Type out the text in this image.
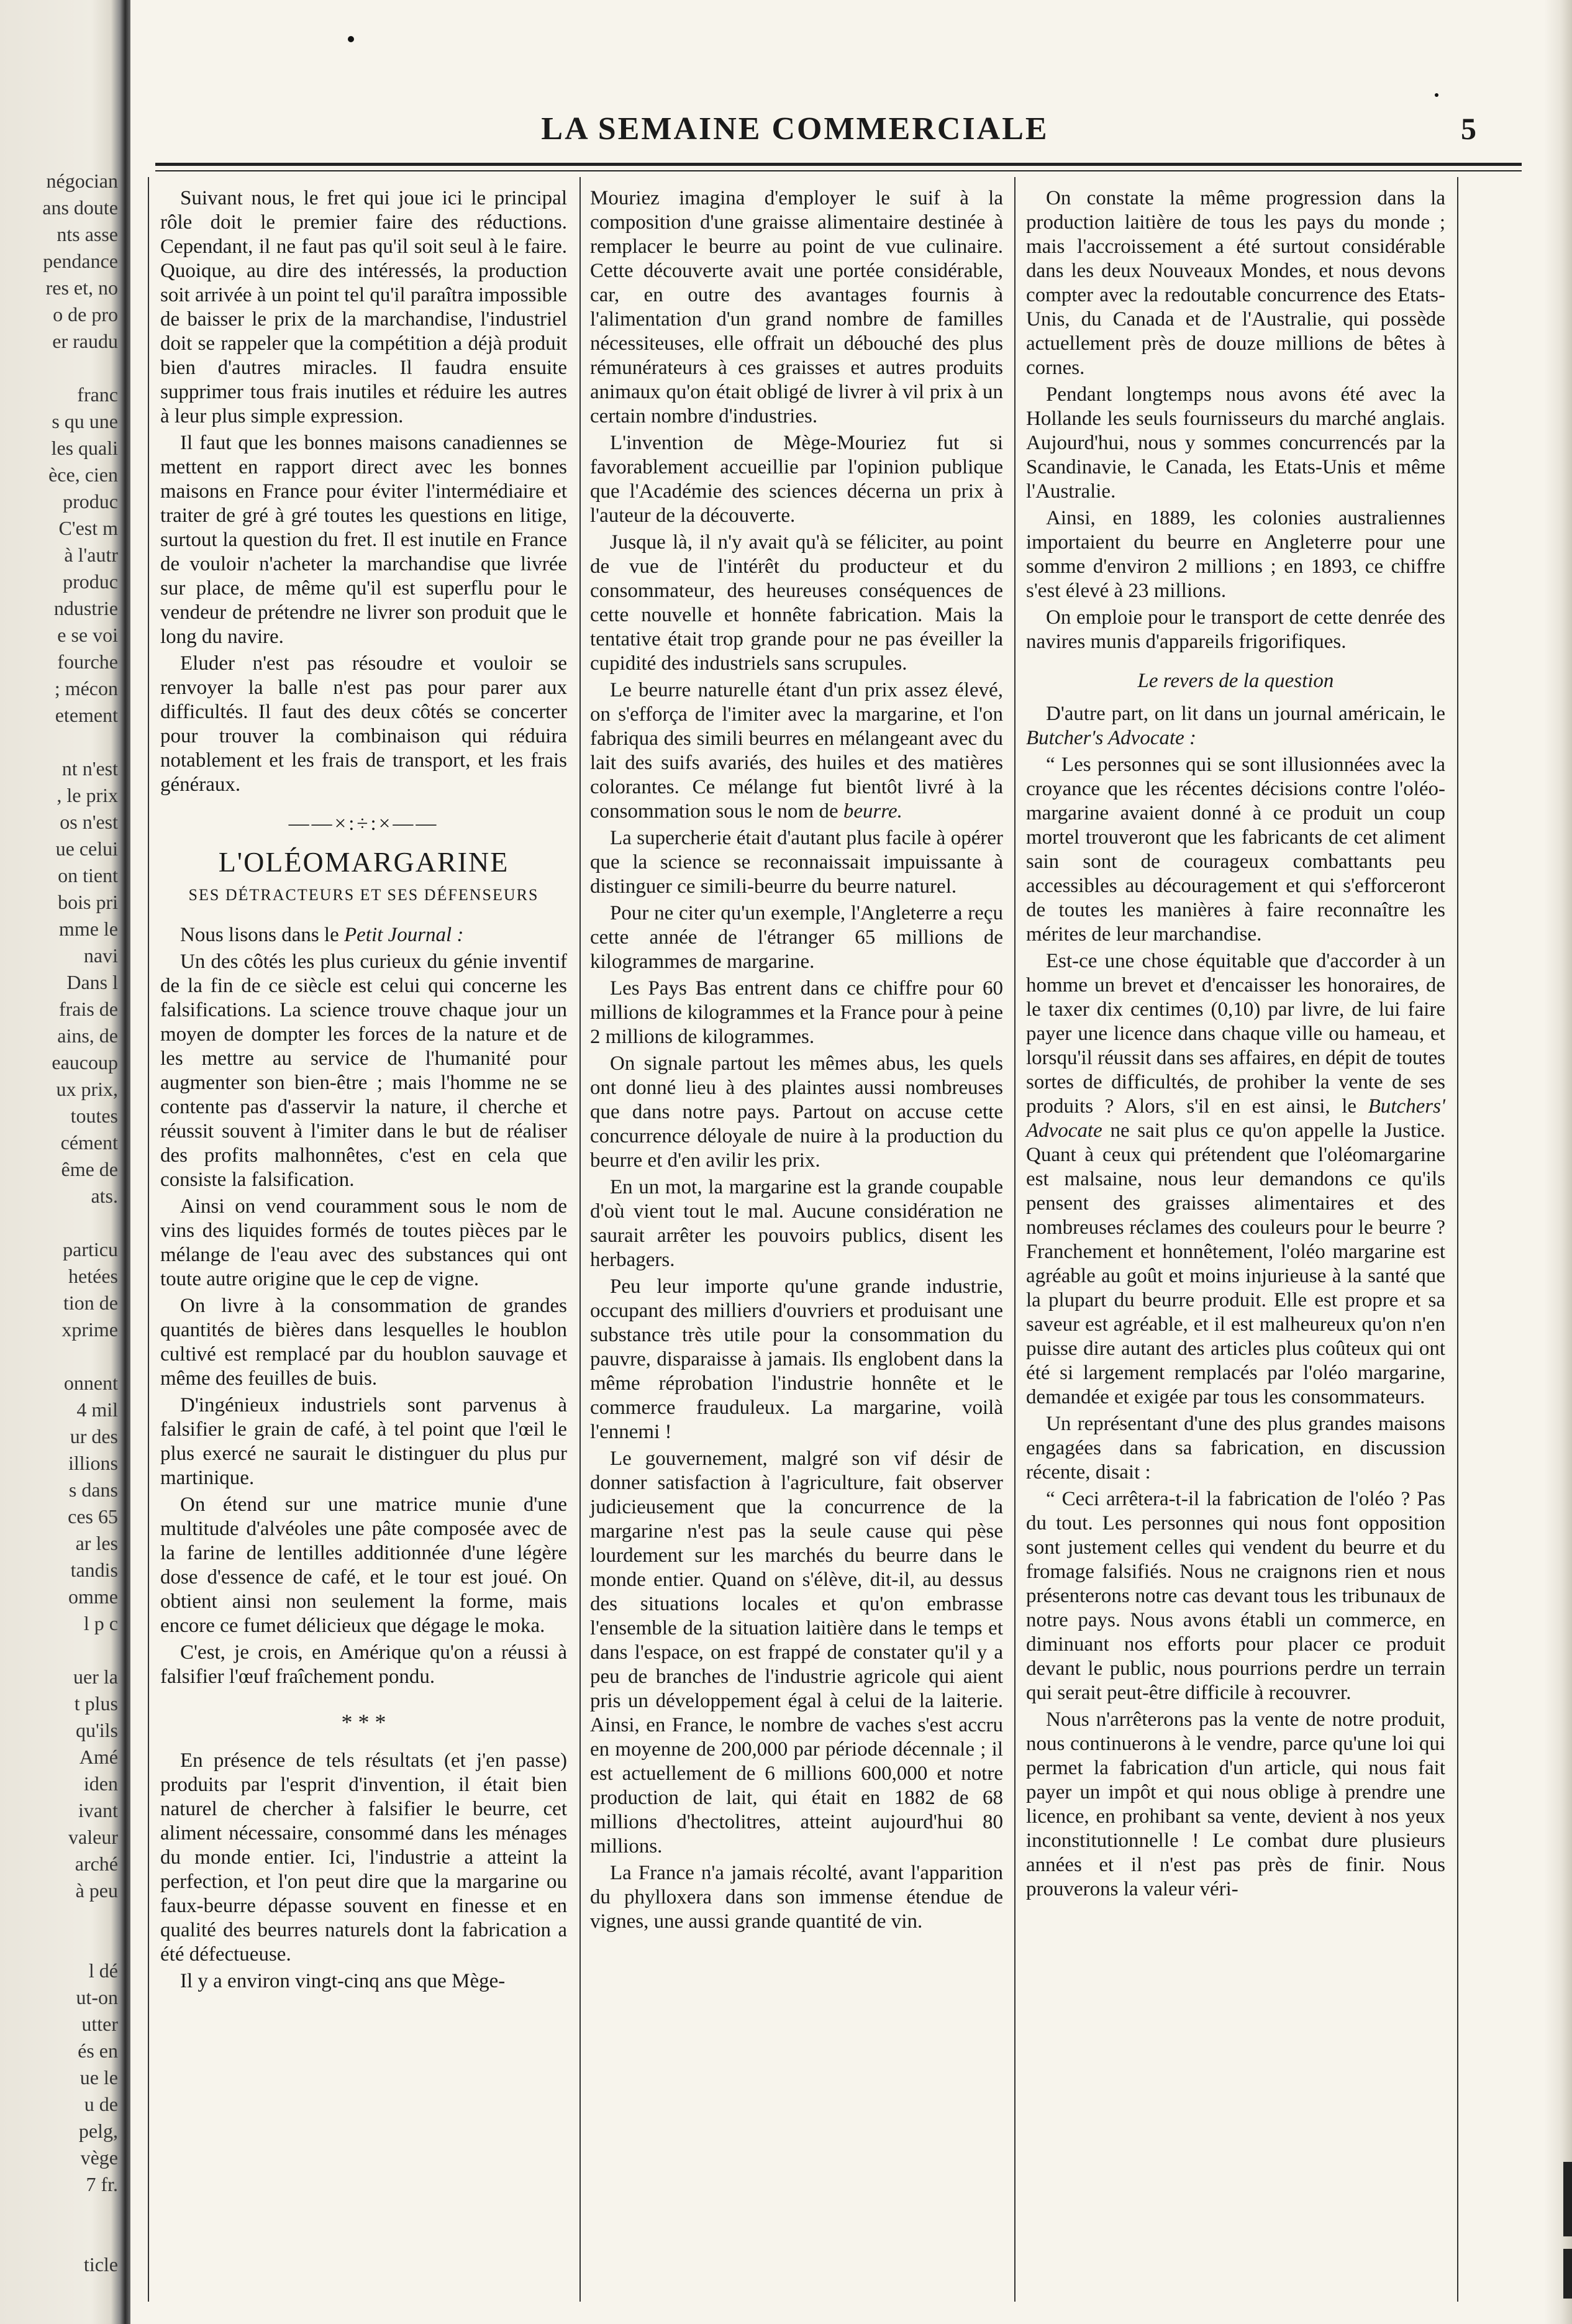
négocian
ans doute
nts asse
pendance
res et, no
o de pro
er raudu
franc
s qu une
les quali
èce, cien
produc
C'est m
à l'autr
produc
ndustrie
e se voi
fourche
; mécon
etement
nt n'est
, le prix
os n'est
ue celui
on tient
bois pri
mme le
navi
Dans l
frais de
ains, de
eaucoup
ux prix,
toutes
cément
ême de
ats.
particu
hetées
tion de
xprime
onnent
4 mil
ur des
illions
s dans
ces 65
ar les
tandis
omme
l p c
uer la
t plus
qu'ils
Amé
iden
ivant
valeur
arché
à peu
l dé
ut-on
utter
és en
ue le
u de
pelg,
vège
7 fr.
ticle
LA SEMAINE COMMERCIALE	5

Suivant nous, le fret qui joue ici le principal rôle doit le premier faire des réductions. Cependant, il ne faut pas qu'il soit seul à le faire. Quoique, au dire des intéressés, la production soit arrivée à un point tel qu'il paraîtra impossible de baisser le prix de la marchandise, l'industriel doit se rappeler que la compétition a déjà produit bien d'autres miracles. Il faudra ensuite supprimer tous frais inutiles et réduire les autres à leur plus simple expression.

Il faut que les bonnes maisons canadiennes se mettent en rapport direct avec les bonnes maisons en France pour éviter l'intermédiaire et traiter de gré à gré toutes les questions en litige, surtout la question du fret. Il est inutile en France de vouloir n'acheter la marchandise que livrée sur place, de même qu'il est superflu pour le vendeur de prétendre ne livrer son produit que le long du navire.

Eluder n'est pas résoudre et vouloir se renvoyer la balle n'est pas pour parer aux difficultés. Il faut des deux côtés se concerter pour trouver la combinaison qui réduira notablement et les frais de transport, et les frais généraux.

——×:÷:×——
L'OLÉOMARGARINE
SES DÉTRACTEURS ET SES DÉFENSEURS

Nous lisons dans le Petit Journal :

Un des côtés les plus curieux du génie inventif de la fin de ce siècle est celui qui concerne les falsifications. La science trouve chaque jour un moyen de dompter les forces de la nature et de les mettre au service de l'humanité pour augmenter son bien-être ; mais l'homme ne se contente pas d'asservir la nature, il cherche et réussit souvent à l'imiter dans le but de réaliser des profits malhonnêtes, c'est en cela que consiste la falsification.

Ainsi on vend couramment sous le nom de vins des liquides formés de toutes pièces par le mélange de l'eau avec des substances qui ont toute autre origine que le cep de vigne.

On livre à la consommation de grandes quantités de bières dans lesquelles le houblon cultivé est remplacé par du houblon sauvage et même des feuilles de buis.

D'ingénieux industriels sont parvenus à falsifier le grain de café, à tel point que l'œil le plus exercé ne saurait le distinguer du plus pur martinique.

On étend sur une matrice munie d'une multitude d'alvéoles une pâte composée avec de la farine de lentilles additionnée d'une légère dose d'essence de café, et le tour est joué. On obtient ainsi non seulement la forme, mais encore ce fumet délicieux que dégage le moka.

C'est, je crois, en Amérique qu'on a réussi à falsifier l'œuf fraîchement pondu.

* * *

En présence de tels résultats (et j'en passe) produits par l'esprit d'invention, il était bien naturel de chercher à falsifier le beurre, cet aliment nécessaire, consommé dans les ménages du monde entier. Ici, l'industrie a atteint la perfection, et l'on peut dire que la margarine ou faux-beurre dépasse souvent en finesse et en qualité des beurres naturels dont la fabrication a été défectueuse.

Il y a environ vingt-cinq ans que Mège-

Mouriez imagina d'employer le suif à la composition d'une graisse alimentaire destinée à remplacer le beurre au point de vue culinaire. Cette découverte avait une portée considérable, car, en outre des avantages fournis à l'alimentation d'un grand nombre de familles nécessiteuses, elle offrait un débouché des plus rémunérateurs à ces graisses et autres produits animaux qu'on était obligé de livrer à vil prix à un certain nombre d'industries.

L'invention de Mège-Mouriez fut si favorablement accueillie par l'opinion publique que l'Académie des sciences décerna un prix à l'auteur de la découverte.

Jusque là, il n'y avait qu'à se féliciter, au point de vue de l'intérêt du producteur et du consommateur, des heureuses conséquences de cette nouvelle et honnête fabrication. Mais la tentative était trop grande pour ne pas éveiller la cupidité des industriels sans scrupules.

Le beurre naturelle étant d'un prix assez élevé, on s'efforça de l'imiter avec la margarine, et l'on fabriqua des simili beurres en mélangeant avec du lait des suifs avariés, des huiles et des matières colorantes. Ce mélange fut bientôt livré à la consommation sous le nom de beurre.

La supercherie était d'autant plus facile à opérer que la science se reconnaissait impuissante à distinguer ce simili-beurre du beurre naturel.

Pour ne citer qu'un exemple, l'Angleterre a reçu cette année de l'étranger 65 millions de kilogrammes de margarine.

Les Pays Bas entrent dans ce chiffre pour 60 millions de kilogrammes et la France pour à peine 2 millions de kilogrammes.

On signale partout les mêmes abus, les quels ont donné lieu à des plaintes aussi nombreuses que dans notre pays. Partout on accuse cette concurrence déloyale de nuire à la production du beurre et d'en avilir les prix.

En un mot, la margarine est la grande coupable d'où vient tout le mal. Aucune considération ne saurait arrêter les pouvoirs publics, disent les herbagers.

Peu leur importe qu'une grande industrie, occupant des milliers d'ouvriers et produisant une substance très utile pour la consommation du pauvre, disparaisse à jamais. Ils englobent dans la même réprobation l'industrie honnête et le commerce frauduleux. La margarine, voilà l'ennemi !

Le gouvernement, malgré son vif désir de donner satisfaction à l'agriculture, fait observer judicieusement que la concurrence de la margarine n'est pas la seule cause qui pèse lourdement sur les marchés du beurre dans le monde entier. Quand on s'élève, dit-il, au dessus des situations locales et qu'on embrasse l'ensemble de la situation laitière dans le temps et dans l'espace, on est frappé de constater qu'il y a peu de branches de l'industrie agricole qui aient pris un développement égal à celui de la laiterie. Ainsi, en France, le nombre de vaches s'est accru en moyenne de 200,000 par période décennale ; il est actuellement de 6 millions 600,000 et notre production de lait, qui était en 1882 de 68 millions d'hectolitres, atteint aujourd'hui 80 millions.

La France n'a jamais récolté, avant l'apparition du phylloxera dans son immense étendue de vignes, une aussi grande quantité de vin.

On constate la même progression dans la production laitière de tous les pays du monde ; mais l'accroissement a été surtout considérable dans les deux Nouveaux Mondes, et nous devons compter avec la redoutable concurrence des Etats-Unis, du Canada et de l'Australie, qui possède actuellement près de douze millions de bêtes à cornes.

Pendant longtemps nous avons été avec la Hollande les seuls fournisseurs du marché anglais. Aujourd'hui, nous y sommes concurrencés par la Scandinavie, le Canada, les Etats-Unis et même l'Australie.

Ainsi, en 1889, les colonies australiennes importaient du beurre en Angleterre pour une somme d'environ 2 millions ; en 1893, ce chiffre s'est élevé à 23 millions.

On emploie pour le transport de cette denrée des navires munis d'appareils frigorifiques.

Le revers de la question

D'autre part, on lit dans un journal américain, le Butcher's Advocate :

“ Les personnes qui se sont illusionnées avec la croyance que les récentes décisions contre l'oléo-margarine avaient donné à ce produit un coup mortel trouveront que les fabricants de cet aliment sain sont de courageux combattants peu accessibles au découragement et qui s'efforceront de toutes les manières à faire reconnaître les mérites de leur marchandise.

Est-ce une chose équitable que d'accorder à un homme un brevet et d'encaisser les honoraires, de le taxer dix centimes (0,10) par livre, de lui faire payer une licence dans chaque ville ou hameau, et lorsqu'il réussit dans ses affaires, en dépit de toutes sortes de difficultés, de prohiber la vente de ses produits ? Alors, s'il en est ainsi, le Butchers' Advocate ne sait plus ce qu'on appelle la Justice. Quant à ceux qui prétendent que l'oléomargarine est malsaine, nous leur demandons ce qu'ils pensent des graisses alimentaires et des nombreuses réclames des couleurs pour le beurre ? Franchement et honnêtement, l'oléo margarine est agréable au goût et moins injurieuse à la santé que la plupart du beurre produit. Elle est propre et sa saveur est agréable, et il est malheureux qu'on n'en puisse dire autant des articles plus coûteux qui ont été si largement remplacés par l'oléo margarine, demandée et exigée par tous les consommateurs.

Un représentant d'une des plus grandes maisons engagées dans sa fabrication, en discussion récente, disait :

“ Ceci arrêtera-t-il la fabrication de l'oléo ? Pas du tout. Les personnes qui nous font opposition sont justement celles qui vendent du beurre et du fromage falsifiés. Nous ne craignons rien et nous présenterons notre cas devant tous les tribunaux de notre pays. Nous avons établi un commerce, en diminuant nos efforts pour placer ce produit devant le public, nous pourrions perdre un terrain qui serait peut-être difficile à recouvrer.

Nous n'arrêterons pas la vente de notre produit, nous continuerons à le vendre, parce qu'une loi qui permet la fabrication d'un article, qui nous fait payer un impôt et qui nous oblige à prendre une licence, en prohibant sa vente, devient à nos yeux inconstitutionnelle ! Le combat dure plusieurs années et il n'est pas près de finir. Nous prouverons la valeur véri-
